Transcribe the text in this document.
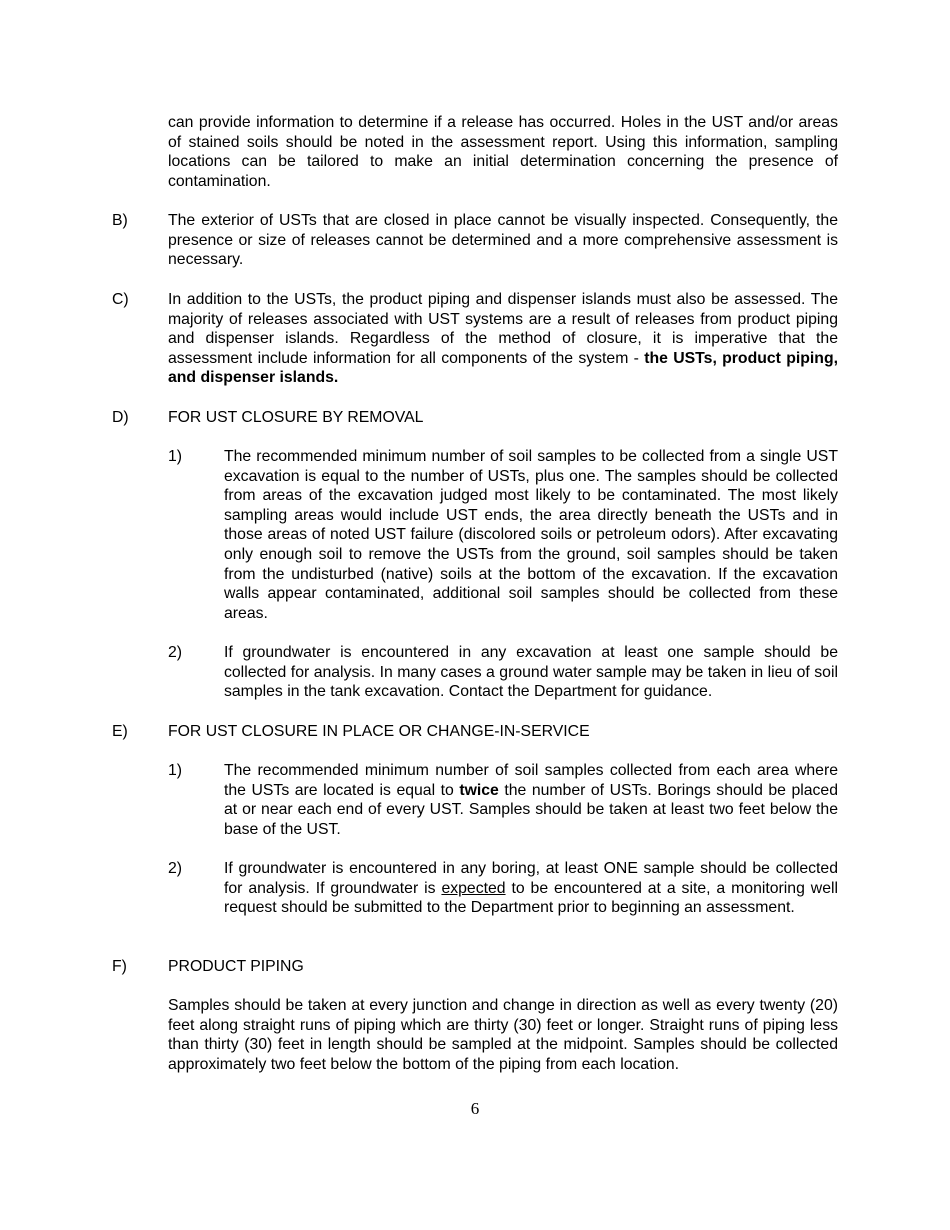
can provide information to determine if a release has occurred. Holes in the UST and/or areas of stained soils should be noted in the assessment report. Using this information, sampling locations can be tailored to make an initial determination concerning the presence of contamination.

B)	The exterior of USTs that are closed in place cannot be visually inspected. Consequently, the presence or size of releases cannot be determined and a more comprehensive assessment is necessary.

C) In addition to the USTs, the product piping and dispenser islands must also be assessed. The majority of releases associated with UST systems are a result of releases from product piping and dispenser islands. Regardless of the method of closure, it is imperative that the assessment include information for all components of the system - the USTs, product piping, and dispenser islands.

D) FOR UST CLOSURE BY REMOVAL
1)	The recommended minimum number of soil samples to be collected from a single UST excavation is equal to the number of USTs, plus one. The samples should be collected from areas of the excavation judged most likely to be contaminated. The most likely sampling areas would include UST ends, the area directly beneath the USTs and in those areas of noted UST failure (discolored soils or petroleum odors). After excavating only enough soil to remove the USTs from the ground, soil samples should be taken from the undisturbed (native) soils at the bottom of the excavation. If the excavation walls appear contaminated, additional soil samples should be collected from these areas.

2)	If groundwater is encountered in any excavation at least one sample should be collected for analysis. In many cases a ground water sample may be taken in lieu of soil samples in the tank excavation. Contact the Department for guidance.

E)	FOR UST CLOSURE IN PLACE OR CHANGE-IN-SERVICE
1)	The recommended minimum number of soil samples collected from each area where the USTs are located is equal to twice the number of USTs. Borings should be placed at or near each end of every UST. Samples should be taken at least two feet below the base of the UST.

2)	If groundwater is encountered in any boring, at least ONE sample should be collected for analysis. If groundwater is expected to be encountered at a site, a monitoring well request should be submitted to the Department prior to beginning an assessment.

F)	PRODUCT PIPING

Samples should be taken at every junction and change in direction as well as every twenty (20) feet along straight runs of piping which are thirty (30) feet or longer. Straight runs of piping less than thirty (30) feet in length should be sampled at the midpoint. Samples should be collected approximately two feet below the bottom of the piping from each location.

6
